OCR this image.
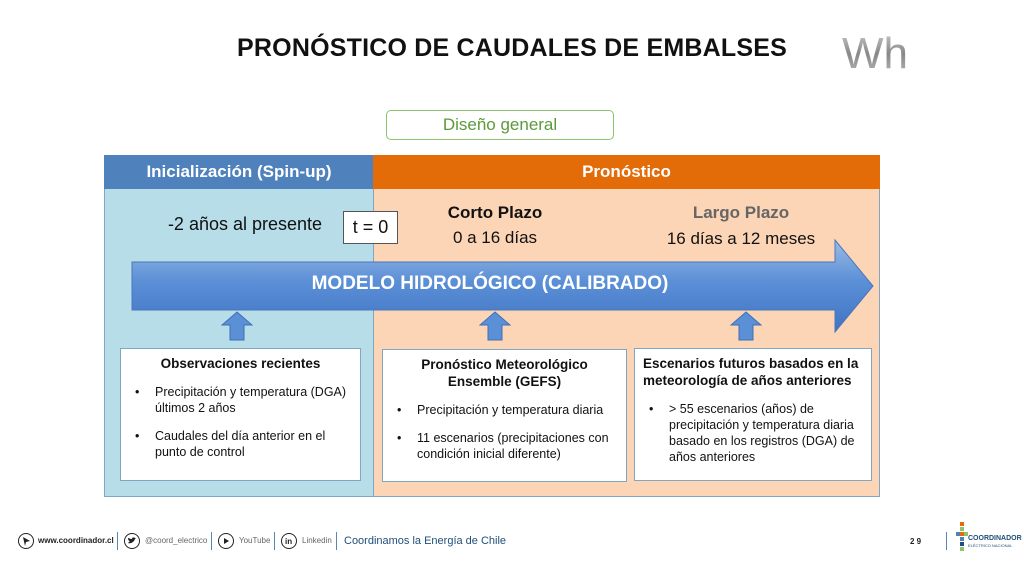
PRONÓSTICO DE CAUDALES DE EMBALSES	Wh
Diseño general
Inicialización (Spin-up)	Pronóstico
-2 años al presente	t = 0
Corto Plazo
0 a 16 días
Largo Plazo
16 días a 12 meses
MODELO HIDROLÓGICO (CALIBRADO)
Observaciones recientes
• Precipitación y temperatura (DGA) últimos 2 años
• Caudales del día anterior en el punto de control
Pronóstico Meteorológico Ensemble (GEFS)
• Precipitación y temperatura diaria
• 11 escenarios (precipitaciones con condición inicial diferente)
Escenarios futuros basados en la meteorología de años anteriores
• > 55 escenarios (años) de precipitación y temperatura diaria basado en los registros (DGA) de años anteriores
www.coordinador.cl	@coord_electrico	YouTube in Linkedin Coordinamos la Energía de Chile	2 9	COORDINADOR
ELÉCTRICO NACIONAL
